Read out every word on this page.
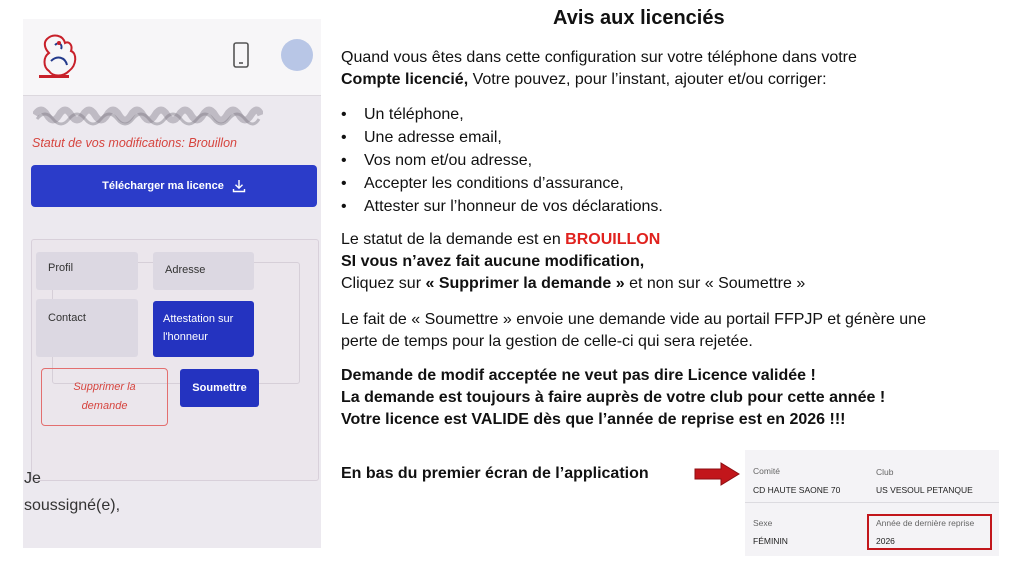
Statut de vos modifications: Brouillon
Télécharger ma licence
Profil	Adresse
Contact	Attestation sur l'honneur
Supprimer la demande
Soumettre
Je
soussigné(e),
Avis aux licenciés
Quand vous êtes dans cette configuration sur votre téléphone dans votre
Compte licencié, Votre pouvez, pour l’instant, ajouter et/ou corriger:
• Un téléphone,
• Une adresse email,
• Vos nom et/ou adresse,
• Accepter les conditions d’assurance,
• Attester sur l’honneur de vos déclarations.
Le statut de la demande est en BROUILLON
SI vous n’avez fait aucune modification,
Cliquez sur « Supprimer la demande » et non sur « Soumettre »
Le fait de « Soumettre » envoie une demande vide au portail FFPJP et génère une
perte de temps pour la gestion de celle-ci qui sera rejetée.
Demande de modif acceptée ne veut pas dire Licence validée !
La demande est toujours à faire auprès de votre club pour cette année !
Votre licence est VALIDE dès que l’année de reprise est en 2026 !!!
En bas du premier écran de l’application	Comité
CD HAUTE SAONE 70
Club
US VESOUL PETANQUE
Sexe
FÉMININ
Année de dernière reprise
2026
